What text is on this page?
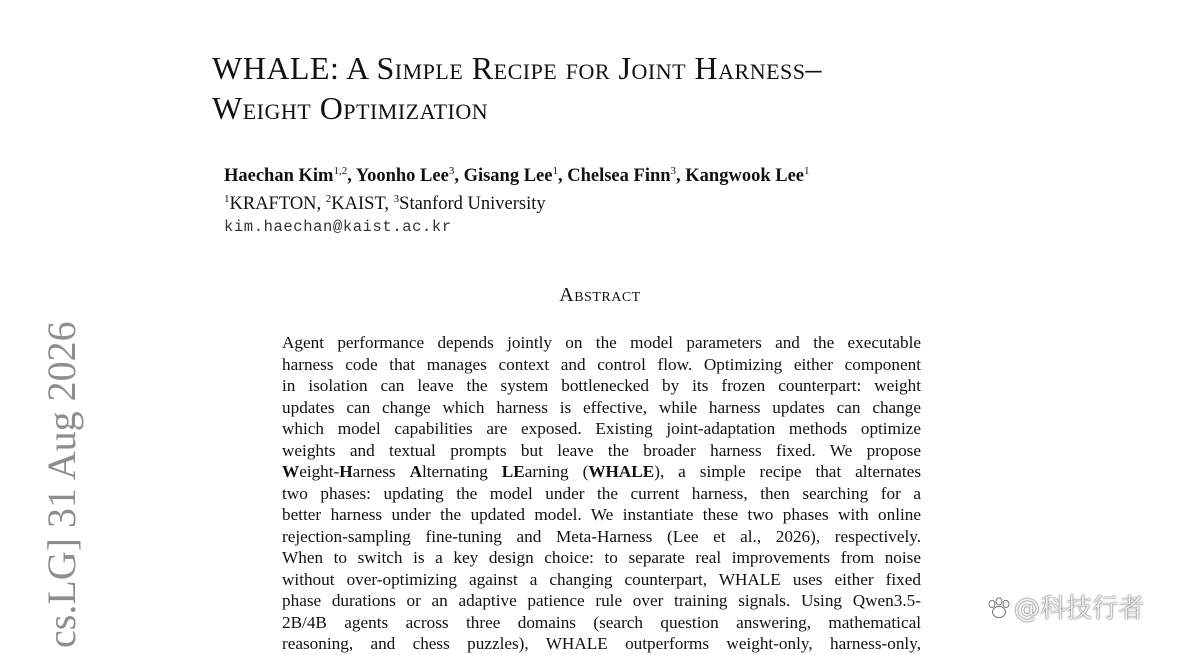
WHALE: A Simple Recipe for Joint Harness–
Weight Optimization
Haechan Kim$^{1,2}$, Yoonho Lee$^3$, Gisang Lee$^1$, Chelsea Finn$^3$, Kangwook Lee$^1$
$^1$KRAFTON, $^2$KAIST, $^3$Stanford University
kim.haechan@kaist.ac.kr
Abstract
Agent performance depends jointly on the model parameters and the executable
harness code that manages context and control flow. Optimizing either component
in isolation can leave the system bottlenecked by its frozen counterpart: weight
updates can change which harness is effective, while harness updates can change
which model capabilities are exposed. Existing joint-adaptation methods optimize
weights and textual prompts but leave the broader harness fixed. We propose
Weight-Harness Alternating LEarning (WHALE), a simple recipe that alternates
two phases: updating the model under the current harness, then searching for a
better harness under the updated model. We instantiate these two phases with online
rejection-sampling fine-tuning and Meta-Harness (Lee et al., 2026), respectively.
When to switch is a key design choice: to separate real improvements from noise
without over-optimizing against a changing counterpart, WHALE uses either fixed
phase durations or an adaptive patience rule over training signals. Using Qwen3.5-
2B/4B agents across three domains (search question answering, mathematical
reasoning, and chess puzzles), WHALE outperforms weight-only, harness-only,
cs.LG] 31 Aug 2026	@科技行者
